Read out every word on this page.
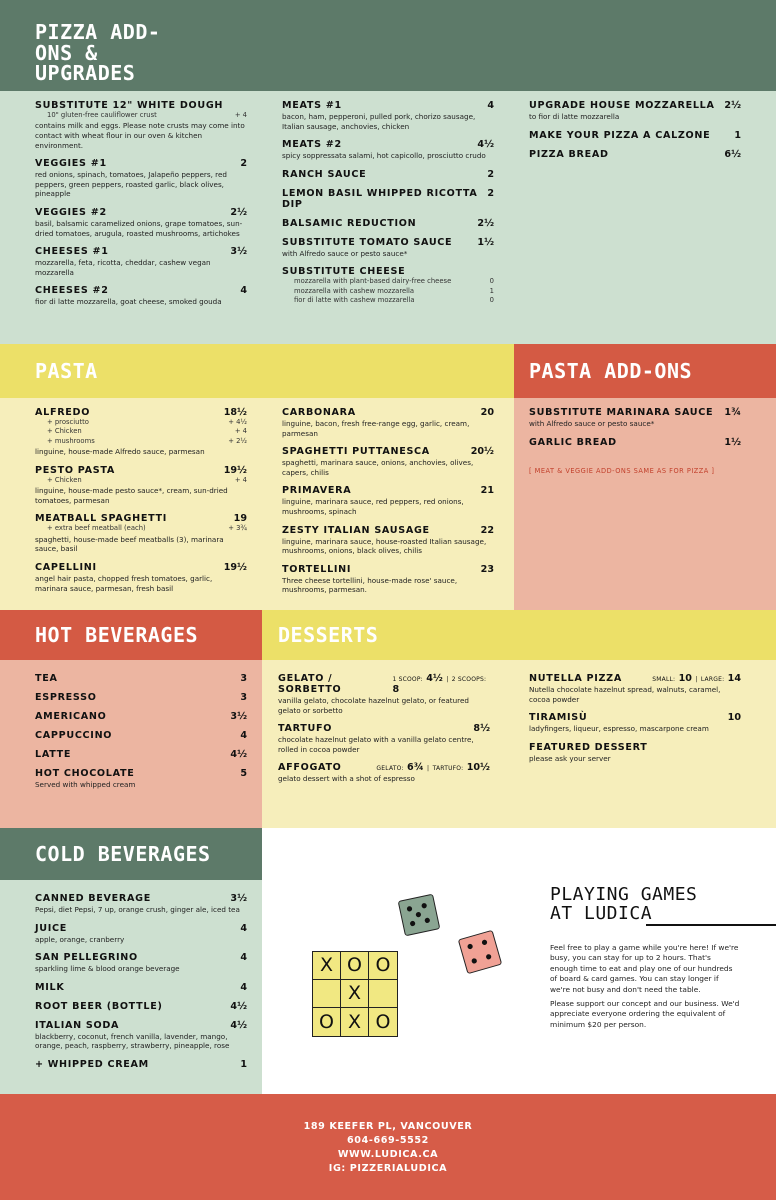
PIZZA ADD-ONS & UPGRADES
SUBSTITUTE 12" WHITE DOUGH
10" gluten-free cauliflower crust	+ 4
contains milk and eggs. Please note crusts may come into contact with wheat flour in our oven & kitchen environment.
VEGGIES #1	2
red onions, spinach, tomatoes, Jalapeño peppers, red peppers, green peppers, roasted garlic, black olives, pineapple
VEGGIES #2	2½
basil, balsamic caramelized onions, grape tomatoes, sun-dried tomatoes, arugula, roasted mushrooms, artichokes
CHEESES #1	3½
mozzarella, feta, ricotta, cheddar, cashew vegan mozzarella
CHEESES #2	4
fior di latte mozzarella, goat cheese, smoked gouda
MEATS #1	4
bacon, ham, pepperoni, pulled pork, chorizo sausage, Italian sausage, anchovies, chicken
MEATS #2	4½
spicy soppressata salami, hot capicollo, prosciutto crudo
RANCH SAUCE	2
LEMON BASIL WHIPPED RICOTTA DIP
2
BALSAMIC REDUCTION	2½
SUBSTITUTE TOMATO SAUCE	1½
with Alfredo sauce or pesto sauce*
SUBSTITUTE CHEESE
mozzarella with plant-based dairy-free cheese	0
mozzarella with cashew mozzarella	1
fior di latte with cashew mozzarella	0
UPGRADE HOUSE MOZZARELLA 2½
to fior di latte mozzarella
MAKE YOUR PIZZA A CALZONE 1
PIZZA BREAD	6½
PASTA
ALFREDO	18½
+ prosciutto	+ 4½
+ Chicken	+ 4
+ mushrooms	+ 2½
linguine, house-made Alfredo sauce, parmesan
PESTO PASTA	19½
+ Chicken	+ 4
linguine, house-made pesto sauce*, cream, sun-dried tomatoes, parmesan
MEATBALL SPAGHETTI	19
+ extra beef meatball (each)	+ 3¾
spaghetti, house-made beef meatballs (3), marinara sauce, basil
CAPELLINI	19½
angel hair pasta, chopped fresh tomatoes, garlic, marinara sauce, parmesan, fresh basil
CARBONARA	20
linguine, bacon, fresh free-range egg, garlic, cream, parmesan
SPAGHETTI PUTTANESCA	20½
spaghetti, marinara sauce, onions, anchovies, olives, capers, chilis
PRIMAVERA	21
linguine, marinara sauce, red peppers, red onions, mushrooms, spinach
ZESTY ITALIAN SAUSAGE	22
linguine, marinara sauce, house-roasted Italian sausage, mushrooms, onions, black olives, chilis
TORTELLINI	23
Three cheese tortellini, house-made rose' sauce, mushrooms, parmesan.
PASTA ADD-ONS
SUBSTITUTE MARINARA SAUCE 1¾
with Alfredo sauce or pesto sauce*
GARLIC BREAD	1½
[ MEAT & VEGGIE ADD-ONS SAME AS FOR PIZZA ]
HOT BEVERAGES
TEA	3
ESPRESSO	3
AMERICANO	3½
CAPPUCCINO	4
LATTE	4½
HOT CHOCOLATE	5
Served with whipped cream
DESSERTS
GELATO / SORBETTO
1 SCOOP: 4½ | 2 SCOOPS: 8
vanilla gelato, chocolate hazelnut gelato, or featured gelato or sorbetto
TARTUFO	8½
chocolate hazelnut gelato with a vanilla gelato centre, rolled in cocoa powder
AFFOGATO	GELATO: 6¾ | TARTUFO: 10½
gelato dessert with a shot of espresso
NUTELLA PIZZA	SMALL: 10 | LARGE: 14
Nutella chocolate hazelnut spread, walnuts, caramel, cocoa powder
TIRAMISÙ	10
ladyfingers, liqueur, espresso, mascarpone cream
FEATURED DESSERT
please ask your server
COLD BEVERAGES
CANNED BEVERAGE	3½
Pepsi, diet Pepsi, 7 up, orange crush, ginger ale, iced tea
JUICE	4
apple, orange, cranberry
SAN PELLEGRINO	4
sparkling lime & blood orange beverage
MILK	4
ROOT BEER (BOTTLE)	4½
ITALIAN SODA	4½
blackberry, coconut, french vanilla, lavender, mango, orange, peach, raspberry, strawberry, pineapple, rose
+ WHIPPED CREAM	1
PLAYING GAMES
AT LUDICA

Feel free to play a game while you're here! If we're busy, you can stay for up to 2 hours. That's enough time to eat and play one of our hundreds of board & card games. You can stay longer if we're not busy and don't need the table.

Please support our concept and our business. We'd appreciate everyone ordering the equivalent of minimum $20 per person.

X O O
X
O X O
189 KEEFER PL, VANCOUVER
604-669-5552
WWW.LUDICA.CA
IG: PIZZERIALUDICA
